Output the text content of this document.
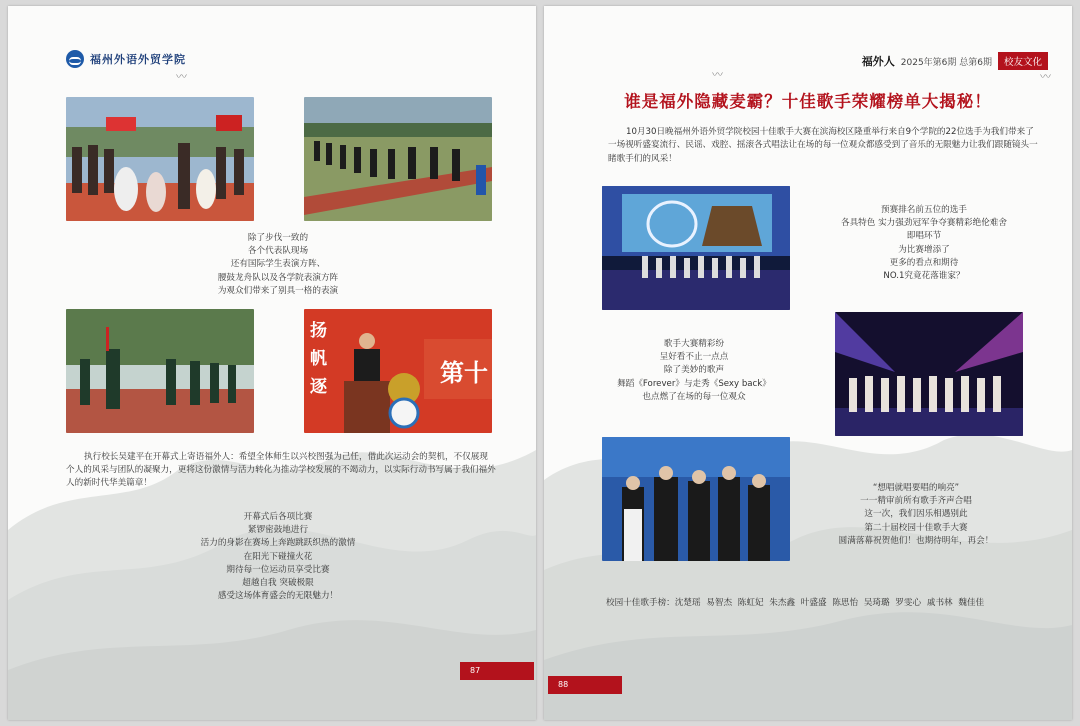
福州外语外贸学院
〰
除了步伐一致的
各个代表队现场
还有国际学生表演方阵、
腰鼓龙舟队以及各学院表演方阵
为观众们带来了别具一格的表演
扬 帆 逐	第十
执行校长吴建平在开幕式上寄语福外人：希望全体师生以兴校图强为己任，借此次运动会的契机，不仅展现个人的风采与团队的凝聚力，更将这份激情与活力转化为推动学校发展的不竭动力，以实际行动书写属于我们福外人的新时代华美篇章！
开幕式后各项比赛
紧锣密鼓地进行
活力的身影在赛场上奔跑跳跃织热的激情
在阳光下碰撞火花
期待每一位运动员享受比赛
超越自我 突破极限
感受这场体育盛会的无限魅力！
87
〰	〰
福外人 2025年第6期 总第6期	校友文化
谁是福外隐藏麦霸？十佳歌手荣耀榜单大揭秘！
10月30日晚福州外语外贸学院校园十佳歌手大赛在滨海校区隆重举行来自9个学院的22位选手为我们带来了一场视听盛宴流行、民谣、戏腔、摇滚各式唱法让在场的每一位观众都感受到了音乐的无限魅力让我们跟随镜头一睹歌手们的风采！
预赛排名前五位的选手
各具特色 实力强劲冠军争夺赛精彩绝伦难舍
即唱环节
为比赛增添了
更多的看点和期待
NO.1究竟花落谁家？
歌手大赛精彩纷
呈好看不止一点点
除了美妙的歌声
舞蹈《Forever》与走秀《Sexy back》
也点燃了在场的每一位观众
“想唱就唱要唱的响亮”
一一精审前所有歌手齐声合唱
这一次，我们因乐相遇别此
第二十届校园十佳歌手大赛
圆满落幕祝贺他们！也期待明年，再会！
校园十佳歌手榜：沈楚瑶 易智杰 陈虹妃 朱杰鑫 叶盛盛 陈思怡 吴琦璐 罗雯心 戚书林 魏佳佳
88
